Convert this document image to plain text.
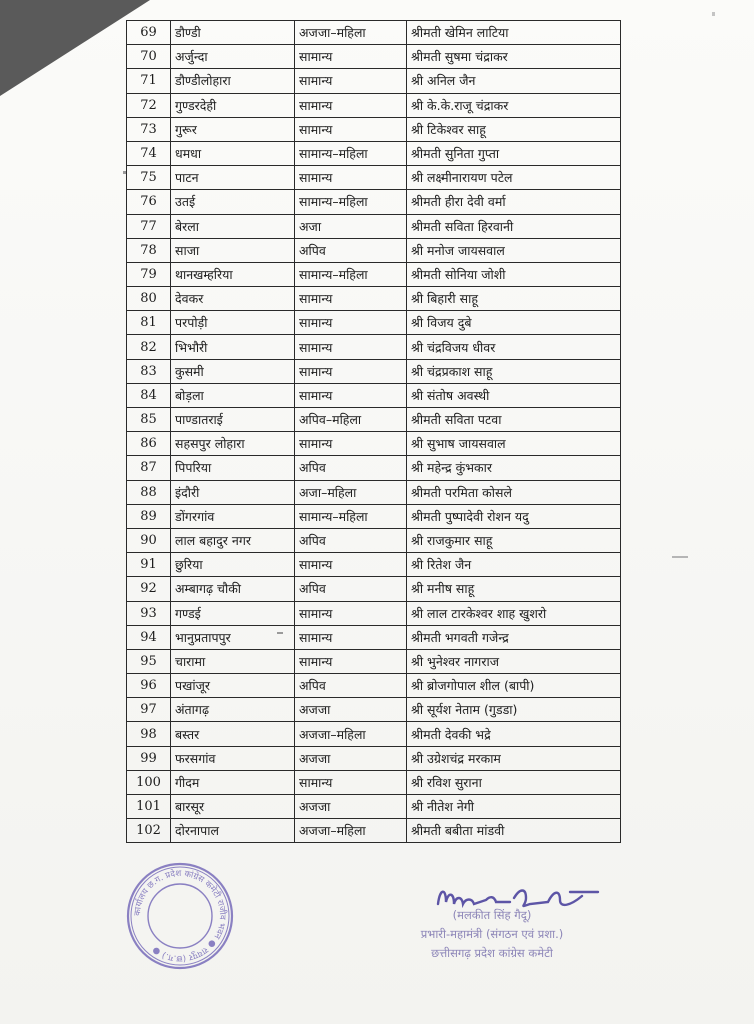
69	डौण्डी	अजजा–महिला	श्रीमती खेमिन लाटिया
70	अर्जुन्दा	सामान्य	श्रीमती सुषमा चंद्राकर
71	डौण्डीलोहारा	सामान्य	श्री अनिल जैन
72	गुण्डरदेही	सामान्य	श्री के.के.राजू चंद्राकर
73	गुरूर	सामान्य	श्री टिकेश्वर साहू
74	धमधा	सामान्य–महिला	श्रीमती सुनिता गुप्ता
75	पाटन	सामान्य	श्री लक्ष्मीनारायण पटेल
76	उतई	सामान्य–महिला	श्रीमती हीरा देवी वर्मा
77	बेरला	अजा	श्रीमती सविता हिरवानी
78	साजा	अपिव	श्री मनोज जायसवाल
79	थानखम्हरिया	सामान्य–महिला	श्रीमती सोनिया जोशी
80	देवकर	सामान्य	श्री बिहारी साहू
81	परपोड़ी	सामान्य	श्री विजय दुबे
82	भिभौरी	सामान्य	श्री चंद्रविजय धीवर
83	कुसमी	सामान्य	श्री चंद्रप्रकाश साहू
84	बोड़ला	सामान्य	श्री संतोष अवस्थी
85	पाण्डातराई	अपिव–महिला	श्रीमती सविता पटवा
86	सहसपुर लोहारा	सामान्य	श्री सुभाष जायसवाल
87	पिपरिया	अपिव	श्री महेन्द्र कुंभकार
88	इंदौरी	अजा–महिला	श्रीमती परमिता कोसले
89	डोंगरगांव	सामान्य–महिला	श्रीमती पुष्पादेवी रोशन यदु
90	लाल बहादुर नगर	अपिव	श्री राजकुमार साहू
91	छुरिया	सामान्य	श्री रितेश जैन
92	अम्बागढ़ चौकी	अपिव	श्री मनीष साहू
93	गण्डई	सामान्य	श्री लाल टारकेश्वर शाह खुशरो
94	भानुप्रतापपुर	सामान्य	श्रीमती भगवती गजेन्द्र
95	चारामा	सामान्य	श्री भुनेश्वर नागराज
96	पखांजूर	अपिव	श्री ब्रोजगोपाल शील (बापी)
97	अंतागढ़	अजजा	श्री सूर्यश नेताम (गुडडा)
98	बस्तर	अजजा–महिला	श्रीमती देवकी भद्रे
99	फरसगांव	अजजा	श्री उग्रेशचंद्र मरकाम
100	गीदम	सामान्य	श्री रविश सुराना
101	बारसूर	अजजा	श्री नीतेश नेगी
102	दोरनापाल	अजजा–महिला	श्रीमती बबीता मांडवी
कार्यालय छ.ग. प्रदेश कांग्रेस कमेटी राजीव भवन ● रायपुर (छ.ग.) ●
(मलकीत सिंह गैदू)
प्रभारी-महामंत्री (संगठन एवं प्रशा.)
छत्तीसगढ़ प्रदेश कांग्रेस कमेटी
